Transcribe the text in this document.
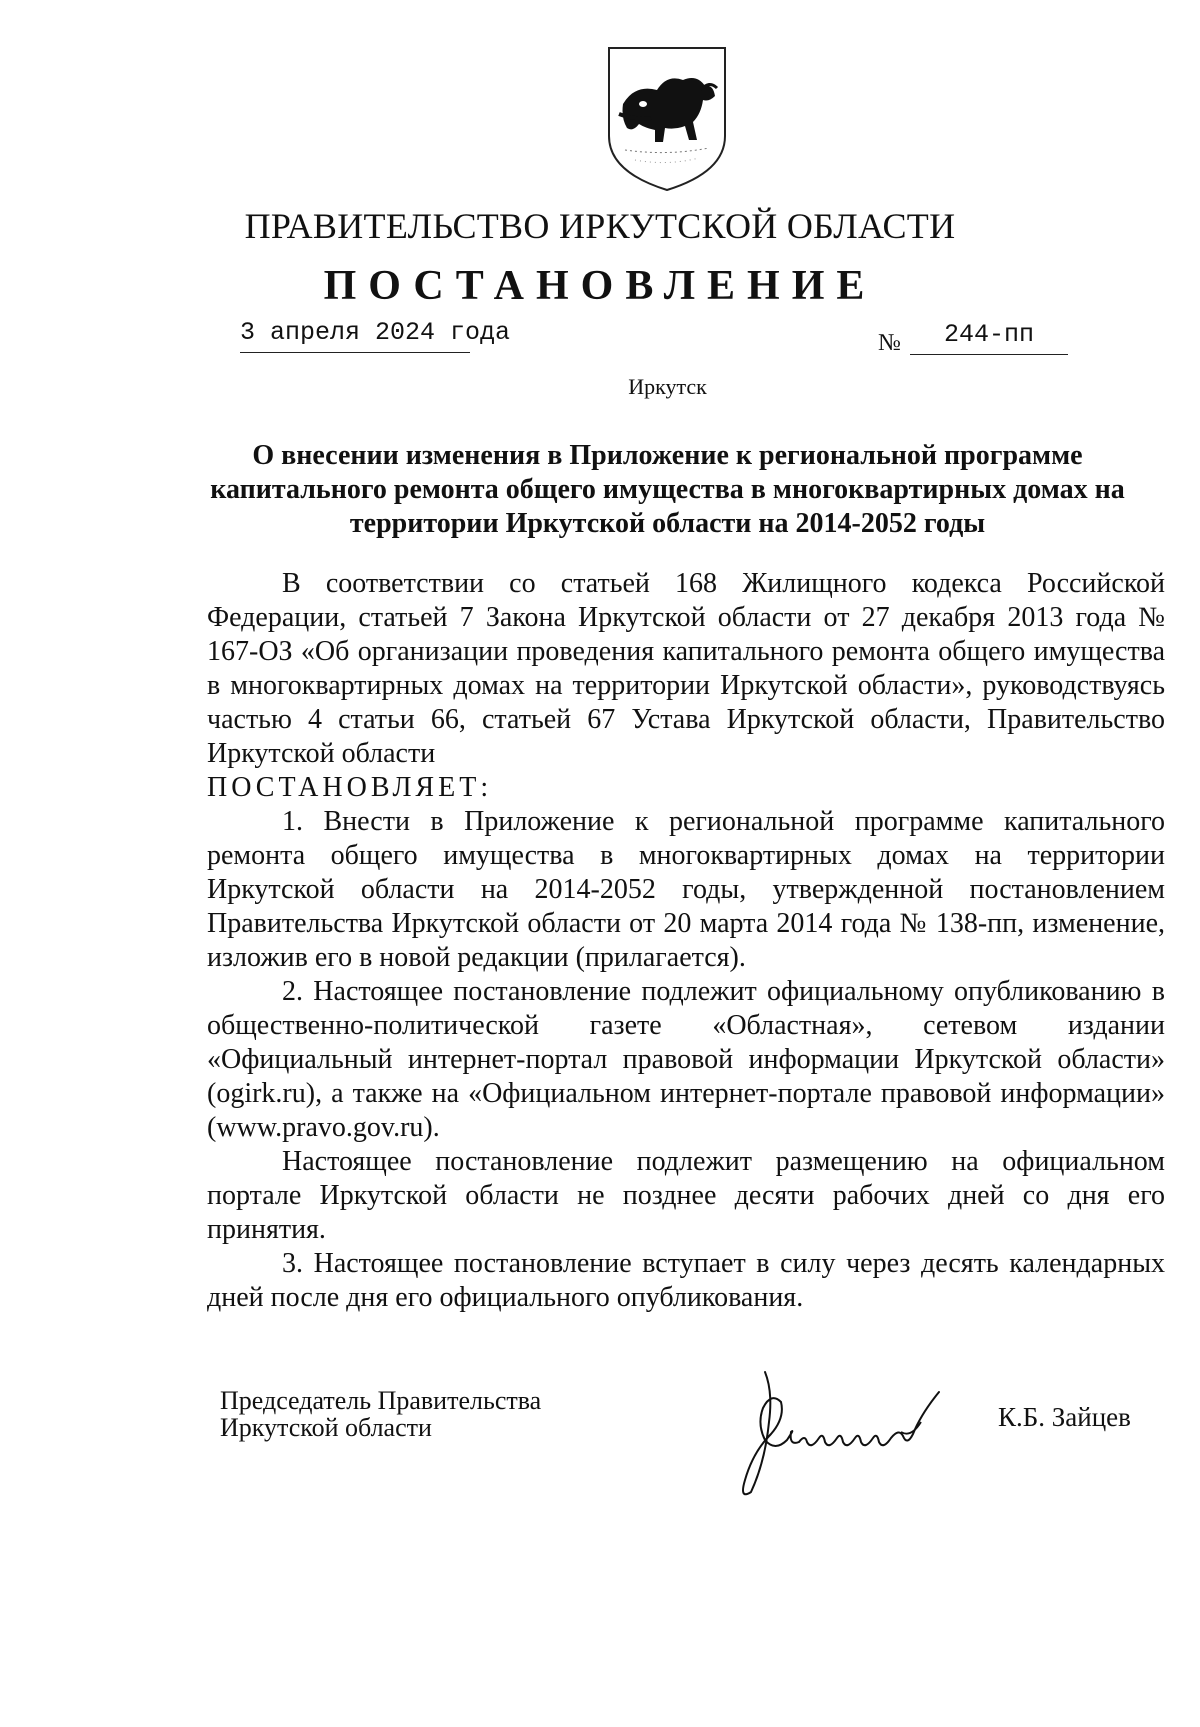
ПРАВИТЕЛЬСТВО ИРКУТСКОЙ ОБЛАСТИ
ПОСТАНОВЛЕНИЕ
3 апреля 2024 года	№	244-пп
Иркутск
О внесении изменения в Приложение к региональной программе капитального ремонта общего имущества в многоквартирных домах на территории Иркутской области на 2014-2052 годы

В соответствии со статьей 168 Жилищного кодекса Российской Федерации, статьей 7 Закона Иркутской области от 27 декабря 2013 года № 167-ОЗ «Об организации проведения капитального ремонта общего имущества в многоквартирных домах на территории Иркутской области», руководствуясь частью 4 статьи 66, статьей 67 Устава Иркутской области, Правительство Иркутской области

ПОСТАНОВЛЯЕТ:

1. Внести в Приложение к региональной программе капитального ремонта общего имущества в многоквартирных домах на территории Иркутской области на 2014-2052 годы, утвержденной постановлением Правительства Иркутской области от 20 марта 2014 года № 138-пп, изменение, изложив его в новой редакции (прилагается).

2. Настоящее постановление подлежит официальному опубликованию в общественно-политической газете «Областная», сетевом издании «Официальный интернет-портал правовой информации Иркутской области» (ogirk.ru), а также на «Официальном интернет-портале правовой информации» (www.pravo.gov.ru).

Настоящее постановление подлежит размещению на официальном портале Иркутской области не позднее десяти рабочих дней со дня его принятия.

3. Настоящее постановление вступает в силу через десять календарных дней после дня его официального опубликования.

Председатель Правительства
Иркутской области	К.Б. Зайцев
